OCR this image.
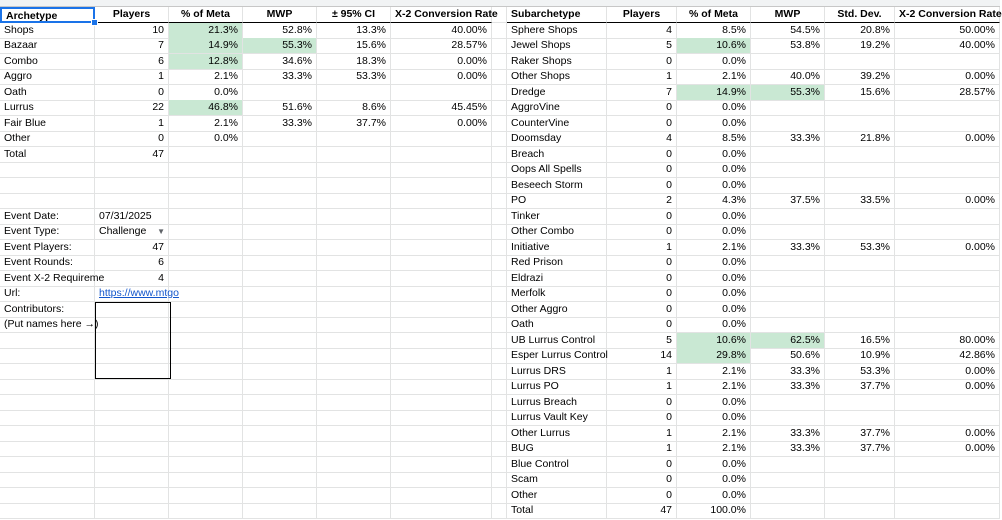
Archetype	Players	% of Meta	MWP	± 95% CI	X-2 Conversion Rate
Shops	10	21.3%	52.8%	13.3%	40.00%
Bazaar	7	14.9%	55.3%	15.6%	28.57%
Combo	6	12.8%	34.6%	18.3%	0.00%
Aggro	1	2.1%	33.3%	53.3%	0.00%
Oath	0	0.0%
Lurrus	22	46.8%	51.6%	8.6%	45.45%
Fair Blue	1	2.1%	33.3%	37.7%	0.00%
Other	0	0.0%
Total	47
Event Date:	07/31/2025
Event Type:	Challenge ▼
Event Players:	47
Event Rounds:	6
Event X-2 Requireme	4
Url:	https://www.mtgo
Contributors:
(Put names here →)
Subarchetype	Players	% of Meta	MWP	Std. Dev.	X-2 Conversion Rate
Sphere Shops	4	8.5%	54.5%	20.8%	50.00%
Jewel Shops	5	10.6%	53.8%	19.2%	40.00%
Raker Shops	0	0.0%
Other Shops	1	2.1%	40.0%	39.2%	0.00%
Dredge	7	14.9%	55.3%	15.6%	28.57%
AggroVine	0	0.0%
CounterVine	0	0.0%
Doomsday	4	8.5%	33.3%	21.8%	0.00%
Breach	0	0.0%
Oops All Spells	0	0.0%
Beseech Storm	0	0.0%
PO	2	4.3%	37.5%	33.5%	0.00%
Tinker	0	0.0%
Other Combo	0	0.0%
Initiative	1	2.1%	33.3%	53.3%	0.00%
Red Prison	0	0.0%
Eldrazi	0	0.0%
Merfolk	0	0.0%
Other Aggro	0	0.0%
Oath	0	0.0%
UB Lurrus Control	5	10.6%	62.5%	16.5%	80.00%
Esper Lurrus Control	14	29.8%	50.6%	10.9%	42.86%
Lurrus DRS	1	2.1%	33.3%	53.3%	0.00%
Lurrus PO	1	2.1%	33.3%	37.7%	0.00%
Lurrus Breach	0	0.0%
Lurrus Vault Key	0	0.0%
Other Lurrus	1	2.1%	33.3%	37.7%	0.00%
BUG	1	2.1%	33.3%	37.7%	0.00%
Blue Control	0	0.0%
Scam	0	0.0%
Other	0	0.0%
Total	47	100.0%
